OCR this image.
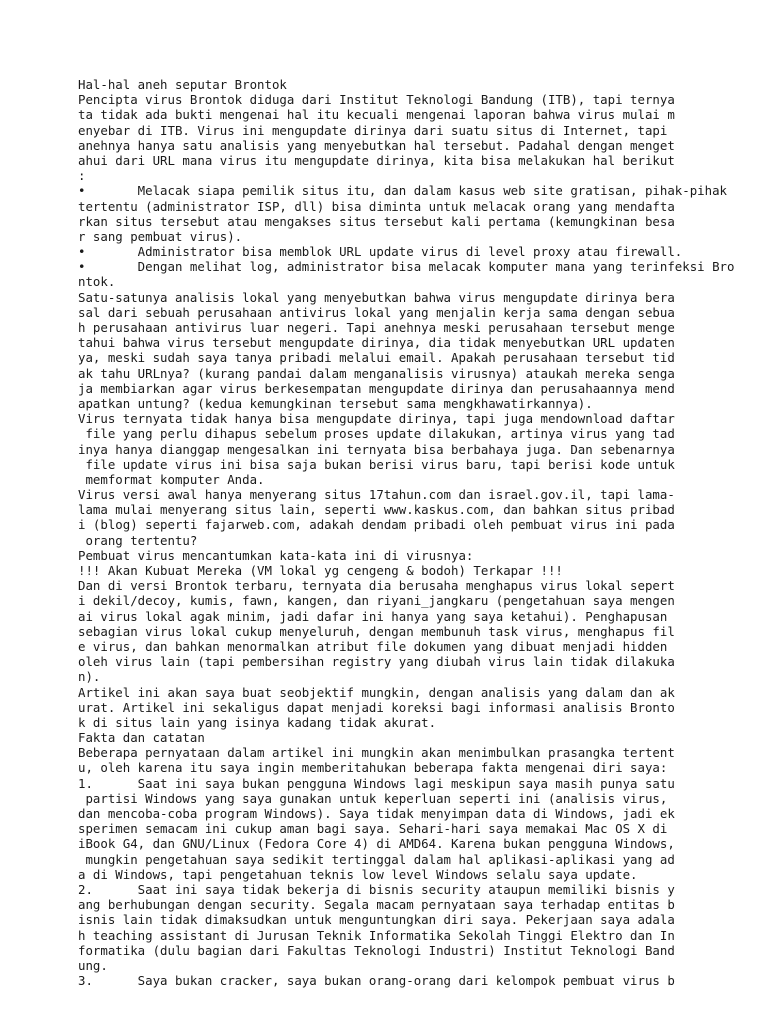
Hal-hal aneh seputar Brontok
Pencipta virus Brontok diduga dari Institut Teknologi Bandung (ITB), tapi ternya
ta tidak ada bukti mengenai hal itu kecuali mengenai laporan bahwa virus mulai m
enyebar di ITB. Virus ini mengupdate dirinya dari suatu situs di Internet, tapi
anehnya hanya satu analisis yang menyebutkan hal tersebut. Padahal dengan menget
ahui dari URL mana virus itu mengupdate dirinya, kita bisa melakukan hal berikut
:
•       Melacak siapa pemilik situs itu, dan dalam kasus web site gratisan, pihak-pihak
tertentu (administrator ISP, dll) bisa diminta untuk melacak orang yang mendafta
rkan situs tersebut atau mengakses situs tersebut kali pertama (kemungkinan besa
r sang pembuat virus).
•       Administrator bisa memblok URL update virus di level proxy atau firewall.
•       Dengan melihat log, administrator bisa melacak komputer mana yang terinfeksi Bro
ntok.
Satu-satunya analisis lokal yang menyebutkan bahwa virus mengupdate dirinya bera
sal dari sebuah perusahaan antivirus lokal yang menjalin kerja sama dengan sebua
h perusahaan antivirus luar negeri. Tapi anehnya meski perusahaan tersebut menge
tahui bahwa virus tersebut mengupdate dirinya, dia tidak menyebutkan URL updaten
ya, meski sudah saya tanya pribadi melalui email. Apakah perusahaan tersebut tid
ak tahu URLnya? (kurang pandai dalam menganalisis virusnya) ataukah mereka senga
ja membiarkan agar virus berkesempatan mengupdate dirinya dan perusahaannya mend
apatkan untung? (kedua kemungkinan tersebut sama mengkhawatirkannya).
Virus ternyata tidak hanya bisa mengupdate dirinya, tapi juga mendownload daftar
file yang perlu dihapus sebelum proses update dilakukan, artinya virus yang tad
inya hanya dianggap mengesalkan ini ternyata bisa berbahaya juga. Dan sebenarnya
file update virus ini bisa saja bukan berisi virus baru, tapi berisi kode untuk
memformat komputer Anda.
Virus versi awal hanya menyerang situs 17tahun.com dan israel.gov.il, tapi lama-
lama mulai menyerang situs lain, seperti www.kaskus.com, dan bahkan situs pribad
i (blog) seperti fajarweb.com, adakah dendam pribadi oleh pembuat virus ini pada
orang tertentu?
Pembuat virus mencantumkan kata-kata ini di virusnya:
!!! Akan Kubuat Mereka (VM lokal yg cengeng & bodoh) Terkapar !!!
Dan di versi Brontok terbaru, ternyata dia berusaha menghapus virus lokal sepert
i dekil/decoy, kumis, fawn, kangen, dan riyani_jangkaru (pengetahuan saya mengen
ai virus lokal agak minim, jadi dafar ini hanya yang saya ketahui). Penghapusan
sebagian virus lokal cukup menyeluruh, dengan membunuh task virus, menghapus fil
e virus, dan bahkan menormalkan atribut file dokumen yang dibuat menjadi hidden
oleh virus lain (tapi pembersihan registry yang diubah virus lain tidak dilakuka
n).
Artikel ini akan saya buat seobjektif mungkin, dengan analisis yang dalam dan ak
urat. Artikel ini sekaligus dapat menjadi koreksi bagi informasi analisis Bronto
k di situs lain yang isinya kadang tidak akurat.
Fakta dan catatan
Beberapa pernyataan dalam artikel ini mungkin akan menimbulkan prasangka tertent
u, oleh karena itu saya ingin memberitahukan beberapa fakta mengenai diri saya:
1.      Saat ini saya bukan pengguna Windows lagi meskipun saya masih punya satu
partisi Windows yang saya gunakan untuk keperluan seperti ini (analisis virus,
dan mencoba-coba program Windows). Saya tidak menyimpan data di Windows, jadi ek
sperimen semacam ini cukup aman bagi saya. Sehari-hari saya memakai Mac OS X di
iBook G4, dan GNU/Linux (Fedora Core 4) di AMD64. Karena bukan pengguna Windows,
mungkin pengetahuan saya sedikit tertinggal dalam hal aplikasi-aplikasi yang ad
a di Windows, tapi pengetahuan teknis low level Windows selalu saya update.
2.      Saat ini saya tidak bekerja di bisnis security ataupun memiliki bisnis y
ang berhubungan dengan security. Segala macam pernyataan saya terhadap entitas b
isnis lain tidak dimaksudkan untuk menguntungkan diri saya. Pekerjaan saya adala
h teaching assistant di Jurusan Teknik Informatika Sekolah Tinggi Elektro dan In
formatika (dulu bagian dari Fakultas Teknologi Industri) Institut Teknologi Band
ung.
3.      Saya bukan cracker, saya bukan orang-orang dari kelompok pembuat virus b
